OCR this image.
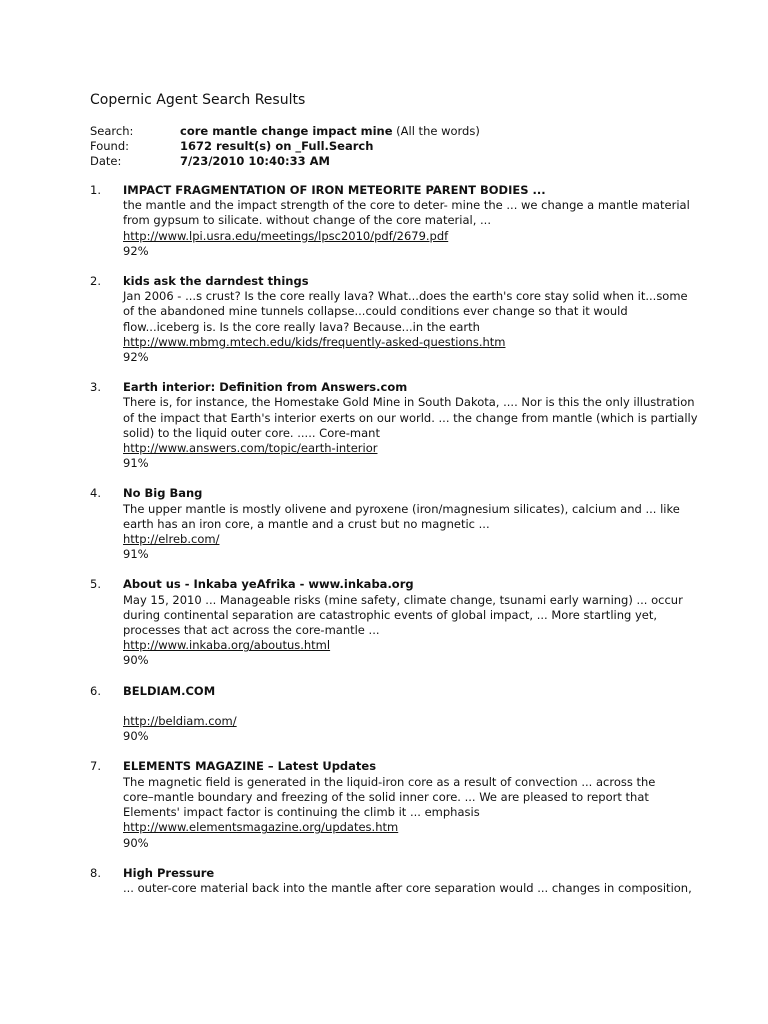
Copernic Agent Search Results
Search:	core mantle change impact mine (All the words)
Found:	1672 result(s) on _Full.Search
Date:	7/23/2010 10:40:33 AM
1. IMPACT FRAGMENTATION OF IRON METEORITE PARENT BODIES ...
the mantle and the impact strength of the core to deter- mine the ... we change a mantle material
from gypsum to silicate. without change of the core material, ...
http://www.lpi.usra.edu/meetings/lpsc2010/pdf/2679.pdf
92%
2. kids ask the darndest things
Jan 2006 - ...s crust? Is the core really lava? What...does the earth's core stay solid when it...some
of the abandoned mine tunnels collapse...could conditions ever change so that it would
flow...iceberg is. Is the core really lava? Because...in the earth
http://www.mbmg.mtech.edu/kids/frequently-asked-questions.htm
92%
3. Earth interior: Definition from Answers.com
There is, for instance, the Homestake Gold Mine in South Dakota, .... Nor is this the only illustration
of the impact that Earth's interior exerts on our world. ... the change from mantle (which is partially
solid) to the liquid outer core. ..... Core-mant
http://www.answers.com/topic/earth-interior
91%
4. No Big Bang
The upper mantle is mostly olivene and pyroxene (iron/magnesium silicates), calcium and ... like
earth has an iron core, a mantle and a crust but no magnetic ...
http://elreb.com/
91%
5. About us - Inkaba yeAfrika - www.inkaba.org
May 15, 2010 ... Manageable risks (mine safety, climate change, tsunami early warning) ... occur
during continental separation are catastrophic events of global impact, ... More startling yet,
processes that act across the core-mantle ...
http://www.inkaba.org/aboutus.html
90%
6. BELDIAM.COM
http://beldiam.com/
90%
7. ELEMENTS MAGAZINE – Latest Updates
The magnetic field is generated in the liquid-iron core as a result of convection ... across the
core–mantle boundary and freezing of the solid inner core. ... We are pleased to report that
Elements' impact factor is continuing the climb it ... emphasis
http://www.elementsmagazine.org/updates.htm
90%
8. High Pressure
... outer-core material back into the mantle after core separation would ... changes in composition,
